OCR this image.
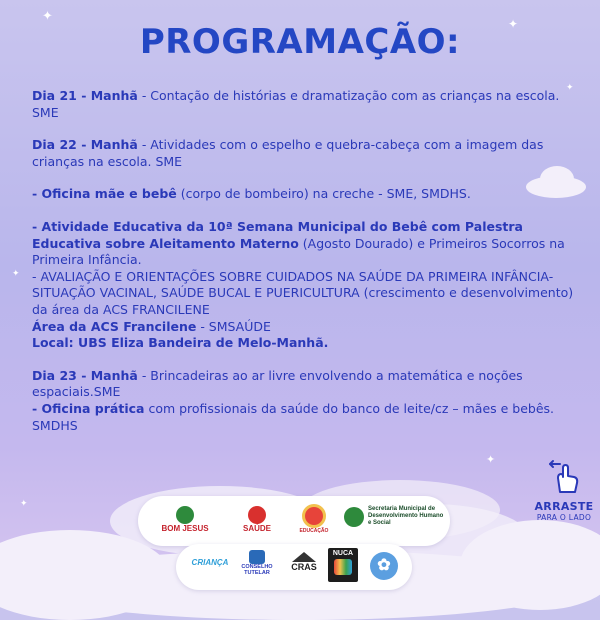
✦	✦
✦
✦
✦
✦
PROGRAMAÇÃO:

Dia 21 - Manhã - Contação de histórias e dramatização com as crianças na escola. SME

Dia 22 - Manhã - Atividades com o espelho e quebra-cabeça com a imagem das crianças na escola. SME

- Oficina mãe e bebê (corpo de bombeiro) na creche - SME, SMDHS.

- Atividade Educativa da 10ª Semana Municipal do Bebê com Palestra Educativa sobre Aleitamento Materno (Agosto Dourado) e Primeiros Socorros na Primeira Infância.

- AVALIAÇÃO E ORIENTAÇÕES SOBRE CUIDADOS NA SAÚDE DA PRIMEIRA INFÂNCIA- SITUAÇÃO VACINAL, SAÚDE BUCAL E PUERICULTURA (crescimento e desenvolvimento) da área da ACS FRANCILENE

Área da ACS Francilene - SMSAÚDE

Local: UBS Eliza Bandeira de Melo-Manhã.

Dia 23 - Manhã - Brincadeiras ao ar livre envolvendo a matemática e noções espaciais.SME

- Oficina prática com profissionais da saúde do banco de leite/cz – mães e bebês. SMDHS

ARRASTE
PARA O LADO
BOM JESUS	SAÚDE	EDUCAÇÃO
Secretaria Municipal de Desenvolvimento Humano e Social
CRIANÇA	CONSELHO TUTELAR
CRAS
NUCA
✿
